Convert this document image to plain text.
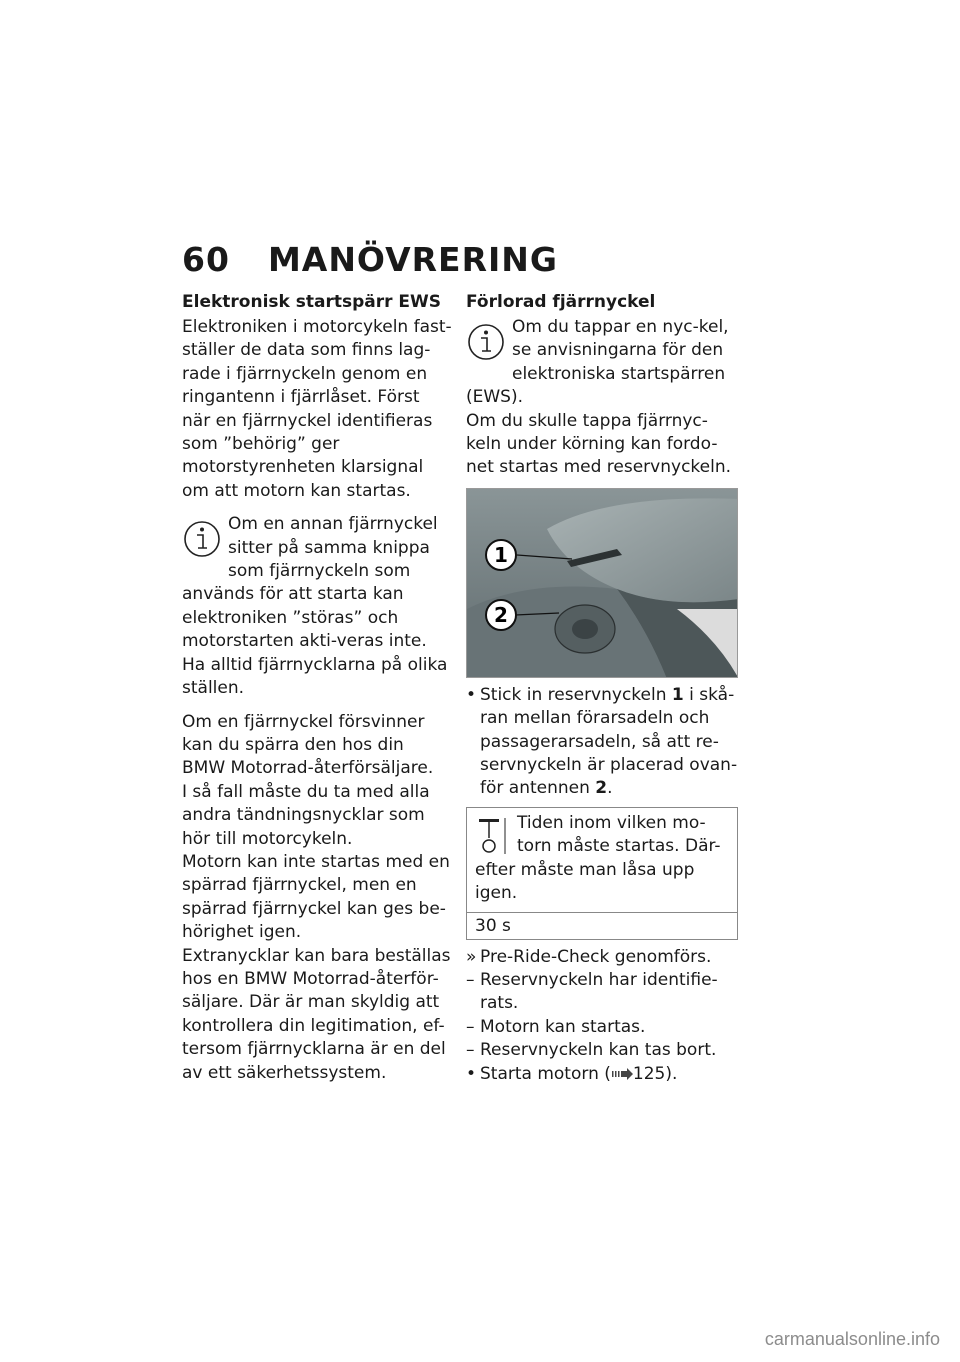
60 MANÖVRERING
Elektronisk startspärr EWS

Elektroniken i motorcykeln fast-ställer de data som finns lag-rade i fjärrnyckeln genom en ringantenn i fjärrlåset. Först när en fjärrnyckel identifieras som ”behörig” ger motorstyrenheten klarsignal om att motorn kan startas.

Om en annan fjärrnyckel sitter på samma knippa som fjärrnyckeln som används för att starta kan elektroniken ”störas” och motorstarten akti-veras inte.

Ha alltid fjärrnycklarna på olika ställen.

Om en fjärrnyckel försvinner kan du spärra den hos din BMW Motorrad-återförsäljare.

I så fall måste du ta med alla andra tändningsnycklar som hör till motorcykeln.

Motorn kan inte startas med en spärrad fjärrnyckel, men en spärrad fjärrnyckel kan ges be-hörighet igen.

Extranycklar kan bara beställas hos en BMW Motorrad-återför-säljare. Där är man skyldig att kontrollera din legitimation, ef-tersom fjärrnycklarna är en del av ett säkerhetssystem.

Förlorad fjärrnyckel

Om du tappar en nyc-kel, se anvisningarna för den elektroniska startspärren (EWS).

Om du skulle tappa fjärrnyc-keln under körning kan fordo-net startas med reservnyckeln.

1
2
• Stick in reservnyckeln 1 i skå-ran mellan förarsadeln och passagerarsadeln, så att re-servnyckeln är placerad ovan-för antennen 2.

Tiden inom vilken mo-torn måste startas. Där-efter måste man låsa upp igen.

30 s
» Pre-Ride-Check genomförs.
– Reservnyckeln har identifie-rats.
– Motorn kan startas.
– Reservnyckeln kan tas bort.
• Starta motorn ( 125).
carmanualsonline.info
